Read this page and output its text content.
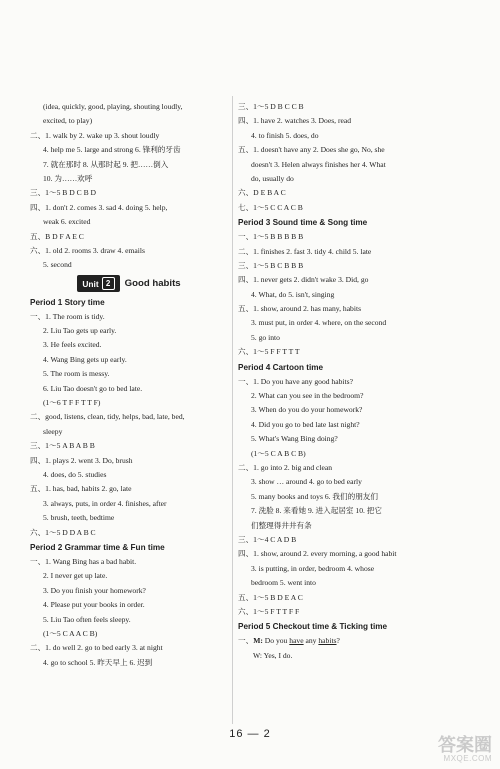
(idea, quickly, good, playing, shouting loudly,
excited, to play)
二、1. walk by 2. wake up 3. shout loudly
4. help me 5. large and strong 6. 锋利的牙齿
7. 就在那时 8. 从那时起 9. 把……倒入
10. 为……欢呼
三、1～5 B D C B D
四、1. don't 2. comes 3. sad 4. doing 5. help,
weak 6. excited
五、B D F A E C
六、1. old 2. rooms 3. draw 4. emails
5. second
Unit 2	Good habits
Period 1 Story time
一、1. The room is tidy.
2. Liu Tao gets up early.
3. He feels excited.
4. Wang Bing gets up early.
5. The room is messy.
6. Liu Tao doesn't go to bed late.
(1～6 T F F T T F)
二、good, listens, clean, tidy, helps, bad, late, bed,
sleepy
三、1～5 A B A B B
四、1. plays 2. went 3. Do, brush
4. does, do 5. studies
五、1. has, bad, habits 2. go, late
3. always, puts, in order 4. finishes, after
5. brush, teeth, bedtime
六、1～5 D D A B C
Period 2 Grammar time & Fun time
一、1. Wang Bing has a bad habit.
2. I never get up late.
3. Do you finish your homework?
4. Please put your books in order.
5. Liu Tao often feels sleepy.
(1～5 C A A C B)
二、1. do well 2. go to bed early 3. at night
4. go to school 5. 昨天早上 6. 迟到
三、1～5 D B C C B
四、1. have 2. watches 3. Does, read
4. to finish 5. does, do
五、1. doesn't have any 2. Does she go, No, she
doesn't 3. Helen always finishes her 4. What
do, usually do
六、D E B A C
七、1～5 C C A C B
Period 3 Sound time & Song time
一、1～5 B B B B B
二、1. finishes 2. fast 3. tidy 4. child 5. late
三、1～5 B C B B B
四、1. never gets 2. didn't wake 3. Did, go
4. What, do 5. isn't, singing
五、1. show, around 2. has many, habits
3. must put, in order 4. where, on the second
5. go into
六、1～5 F F T T T
Period 4 Cartoon time
一、1. Do you have any good habits?
2. What can you see in the bedroom?
3. When do you do your homework?
4. Did you go to bed late last night?
5. What's Wang Bing doing?
(1～5 C A B C B)
二、1. go into 2. big and clean
3. show … around 4. go to bed early
5. many books and toys 6. 我们的朋友们
7. 洗脸 8. 来看她 9. 进入起居室 10. 把它
们整理得井井有条
三、1～4 C A D B
四、1. show, around 2. every morning, a good habit
3. is putting, in order, bedroom 4. whose
bedroom 5. went into
五、1～5 B D E A C
六、1～5 F T T F F
Period 5 Checkout time & Ticking time
一、M: Do you have any habits?
W: Yes, I do.
16 — 2
答案圈
MXQE.COM
